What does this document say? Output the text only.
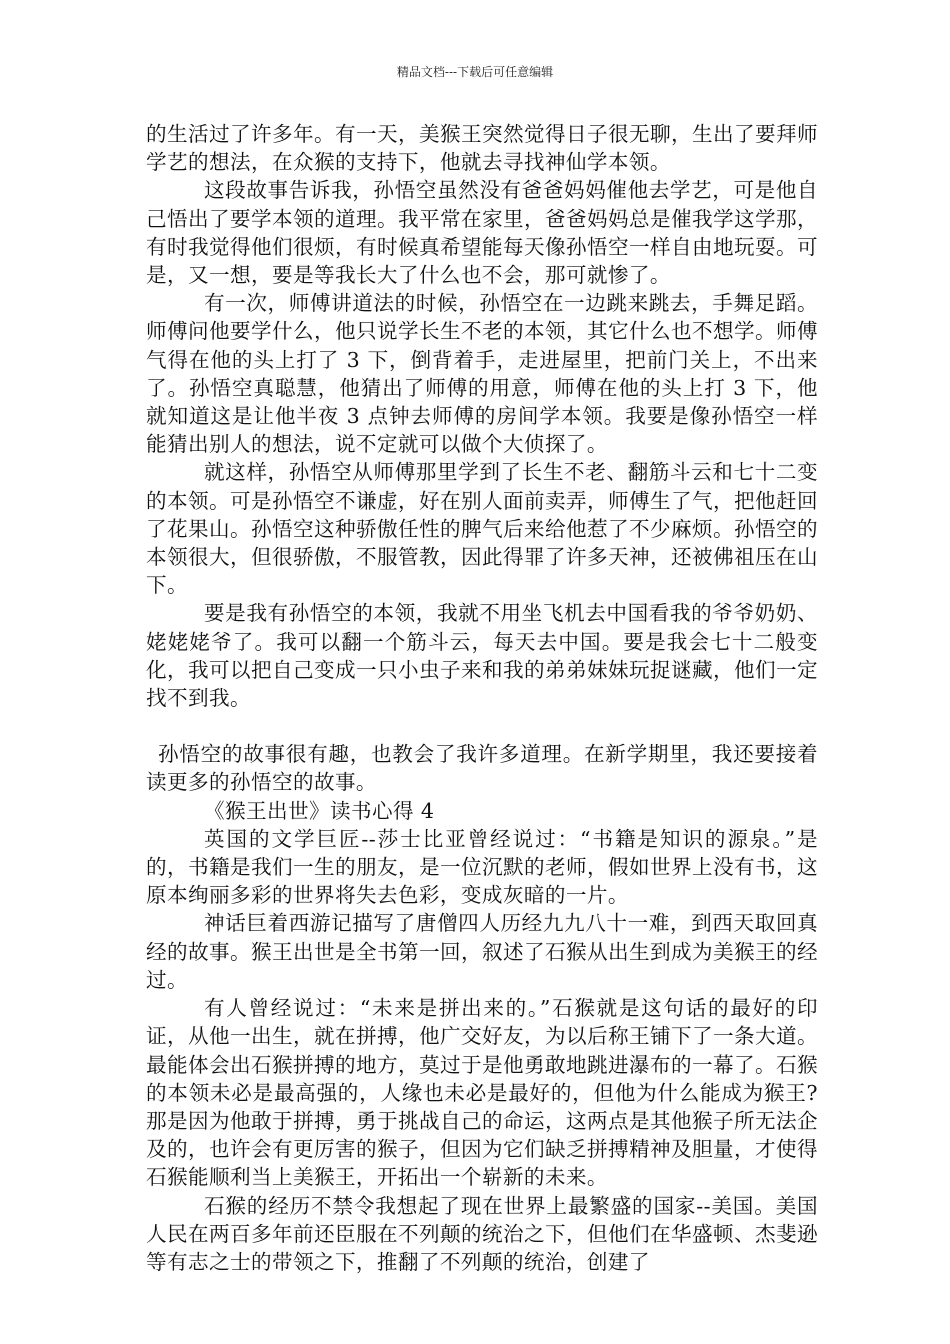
精品文档---下载后可任意编辑

的生活过了许多年。有一天，美猴王突然觉得日子很无聊，生出了要拜师学艺的想法，在众猴的支持下，他就去寻找神仙学本领。

这段故事告诉我，孙悟空虽然没有爸爸妈妈催他去学艺，可是他自己悟出了要学本领的道理。我平常在家里，爸爸妈妈总是催我学这学那，有时我觉得他们很烦，有时候真希望能每天像孙悟空一样自由地玩耍。可是，又一想，要是等我长大了什么也不会，那可就惨了。

有一次，师傅讲道法的时候，孙悟空在一边跳来跳去，手舞足蹈。师傅问他要学什么，他只说学长生不老的本领，其它什么也不想学。师傅气得在他的头上打了 3 下，倒背着手，走进屋里，把前门关上，不出来了。孙悟空真聪慧，他猜出了师傅的用意，师傅在他的头上打 3 下，他就知道这是让他半夜 3 点钟去师傅的房间学本领。我要是像孙悟空一样能猜出别人的想法，说不定就可以做个大侦探了。

就这样，孙悟空从师傅那里学到了长生不老、翻筋斗云和七十二变的本领。可是孙悟空不谦虚，好在别人面前卖弄，师傅生了气，把他赶回了花果山。孙悟空这种骄傲任性的脾气后来给他惹了不少麻烦。孙悟空的本领很大，但很骄傲，不服管教，因此得罪了许多天神，还被佛祖压在山下。

要是我有孙悟空的本领，我就不用坐飞机去中国看我的爷爷奶奶、姥姥姥爷了。我可以翻一个筋斗云，每天去中国。要是我会七十二般变化，我可以把自己变成一只小虫子来和我的弟弟妹妹玩捉谜藏，他们一定找不到我。

孙悟空的故事很有趣，也教会了我许多道理。在新学期里，我还要接着读更多的孙悟空的故事。

《猴王出世》读书心得 4

英国的文学巨匠--莎士比亚曾经说过：“书籍是知识的源泉。”是的，书籍是我们一生的朋友，是一位沉默的老师，假如世界上没有书，这原本绚丽多彩的世界将失去色彩，变成灰暗的一片。

神话巨着西游记描写了唐僧四人历经九九八十一难，到西天取回真经的故事。猴王出世是全书第一回，叙述了石猴从出生到成为美猴王的经过。

有人曾经说过：“未来是拼出来的。”石猴就是这句话的最好的印证，从他一出生，就在拼搏，他广交好友，为以后称王铺下了一条大道。最能体会出石猴拼搏的地方，莫过于是他勇敢地跳进瀑布的一幕了。石猴的本领未必是最高强的，人缘也未必是最好的，但他为什么能成为猴王?那是因为他敢于拼搏，勇于挑战自己的命运，这两点是其他猴子所无法企及的，也许会有更厉害的猴子，但因为它们缺乏拼搏精神及胆量，才使得石猴能顺利当上美猴王，开拓出一个崭新的未来。

石猴的经历不禁令我想起了现在世界上最繁盛的国家--美国。美国人民在两百多年前还臣服在不列颠的统治之下，但他们在华盛顿、杰斐逊等有志之士的带领之下，推翻了不列颠的统治，创建了
